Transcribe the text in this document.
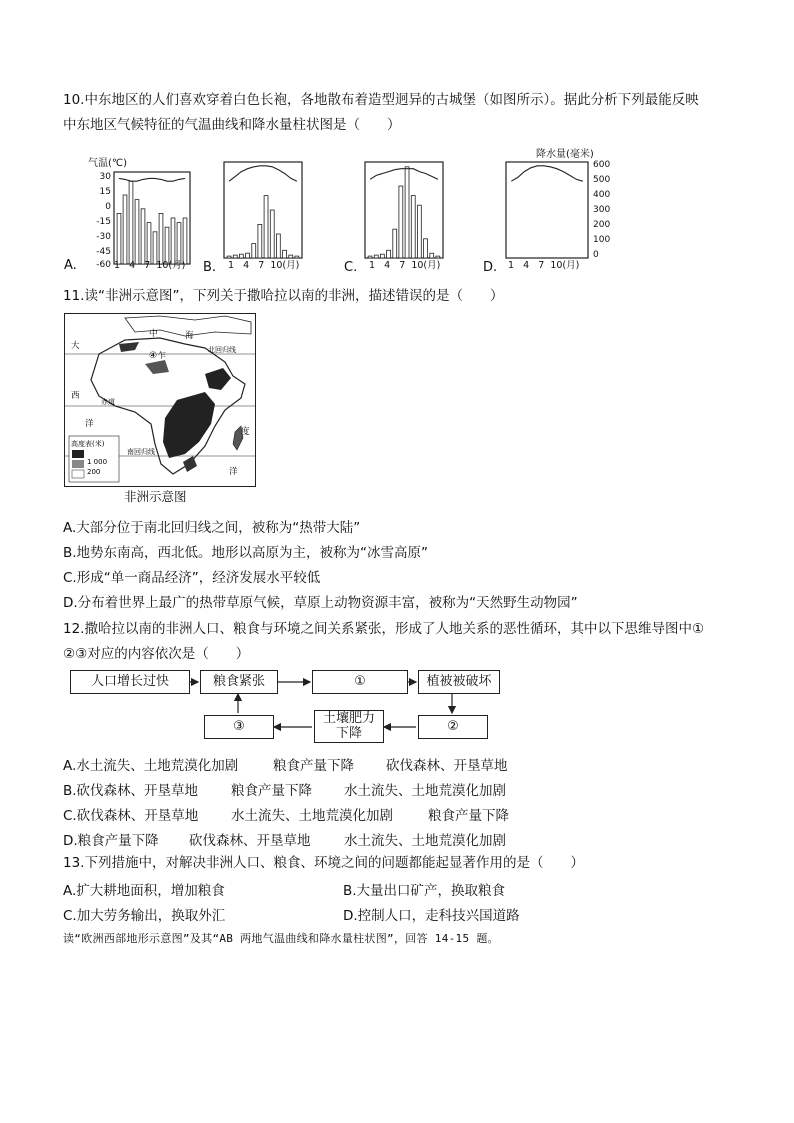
10.中东地区的人们喜欢穿着白色长袍，各地散布着造型迥异的古城堡（如图所示）。据此分析下列最能反映
中东地区气候特征的气温曲线和降水量柱状图是（　　）
气温(℃)
30
15
0
-15
-30
-45
-60
A.	1 4 7 10(月) B. 1 4 7 10(月)	C. 1 4 7 10(月)
降水量(毫米)
600
500
400
300
200
100
0
D. 1 4 7 10(月)
11.读“非洲示意图”，下列关于撒哈拉以南的非洲，描述错误的是（　　）
大
西
洋
度
洋
中	海
北回归线
赤道
南回归线
乍
④
高度表(米)
1 000
200
非洲示意图
A.大部分位于南北回归线之间，被称为“热带大陆”
B.地势东南高，西北低。地形以高原为主，被称为“冰雪高原”
C.形成“单一商品经济”，经济发展水平较低
D.分布着世界上最广的热带草原气候，草原上动物资源丰富，被称为“天然野生动物园”
12.撒哈拉以南的非洲人口、粮食与环境之间关系紧张，形成了人地关系的恶性循环，其中以下思维导图中①
②③对应的内容依次是（　　）
人口增长过快	粮食紧张	①	植被被破坏
②
土壤肥力
下降
③
A.水土流失、土地荒漠化加剧	粮食产量下降 砍伐森林、开垦草地
B.砍伐森林、开垦草地 粮食产量下降 水土流失、土地荒漠化加剧
C.砍伐森林、开垦草地 水土流失、土地荒漠化加剧	粮食产量下降
D.粮食产量下降 砍伐森林、开垦草地 水土流失、土地荒漠化加剧
13.下列措施中，对解决非洲人口、粮食、环境之间的问题都能起显著作用的是（　　）
A.扩大耕地面积，增加粮食	B.大量出口矿产，换取粮食
C.加大劳务输出，换取外汇	D.控制人口，走科技兴国道路
读“欧洲西部地形示意图”及其“AB 两地气温曲线和降水量柱状图”，回答 14-15 题。
